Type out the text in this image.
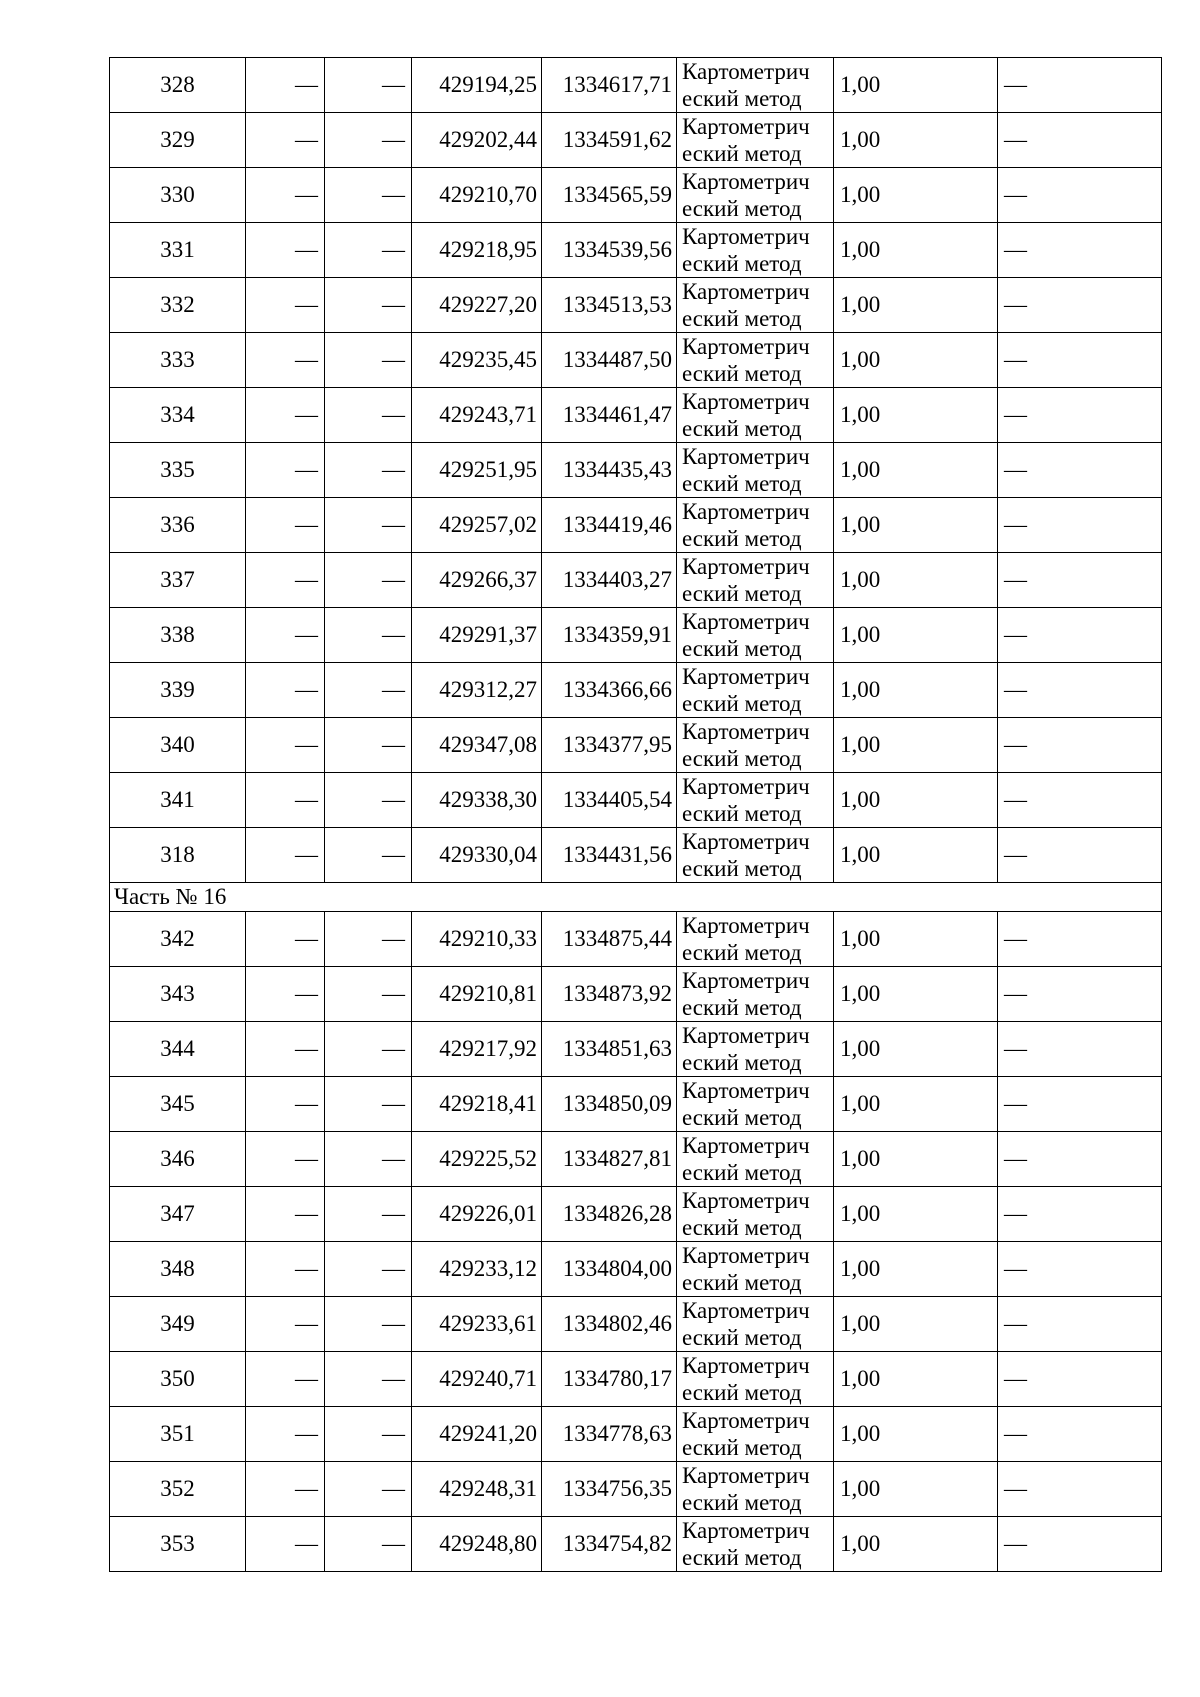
328	—	—	429194,25	1334617,71	Картометрич
еский метод	1,00	—
329	—	—	429202,44	1334591,62	Картометрич
еский метод	1,00	—
330	—	—	429210,70	1334565,59	Картометрич
еский метод	1,00	—
331	—	—	429218,95	1334539,56	Картометрич
еский метод	1,00	—
332	—	—	429227,20	1334513,53	Картометрич
еский метод	1,00	—
333	—	—	429235,45	1334487,50	Картометрич
еский метод	1,00	—
334	—	—	429243,71	1334461,47	Картометрич
еский метод	1,00	—
335	—	—	429251,95	1334435,43	Картометрич
еский метод	1,00	—
336	—	—	429257,02	1334419,46	Картометрич
еский метод	1,00	—
337	—	—	429266,37	1334403,27	Картометрич
еский метод	1,00	—
338	—	—	429291,37	1334359,91	Картометрич
еский метод	1,00	—
339	—	—	429312,27	1334366,66	Картометрич
еский метод	1,00	—
340	—	—	429347,08	1334377,95	Картометрич
еский метод	1,00	—
341	—	—	429338,30	1334405,54	Картометрич
еский метод	1,00	—
318	—	—	429330,04	1334431,56	Картометрич
еский метод	1,00	—
Часть № 16							
342	—	—	429210,33	1334875,44	Картометрич
еский метод	1,00	—
343	—	—	429210,81	1334873,92	Картометрич
еский метод	1,00	—
344	—	—	429217,92	1334851,63	Картометрич
еский метод	1,00	—
345	—	—	429218,41	1334850,09	Картометрич
еский метод	1,00	—
346	—	—	429225,52	1334827,81	Картометрич
еский метод	1,00	—
347	—	—	429226,01	1334826,28	Картометрич
еский метод	1,00	—
348	—	—	429233,12	1334804,00	Картометрич
еский метод	1,00	—
349	—	—	429233,61	1334802,46	Картометрич
еский метод	1,00	—
350	—	—	429240,71	1334780,17	Картометрич
еский метод	1,00	—
351	—	—	429241,20	1334778,63	Картометрич
еский метод	1,00	—
352	—	—	429248,31	1334756,35	Картометрич
еский метод	1,00	—
353	—	—	429248,80	1334754,82	Картометрич
еский метод	1,00	—
